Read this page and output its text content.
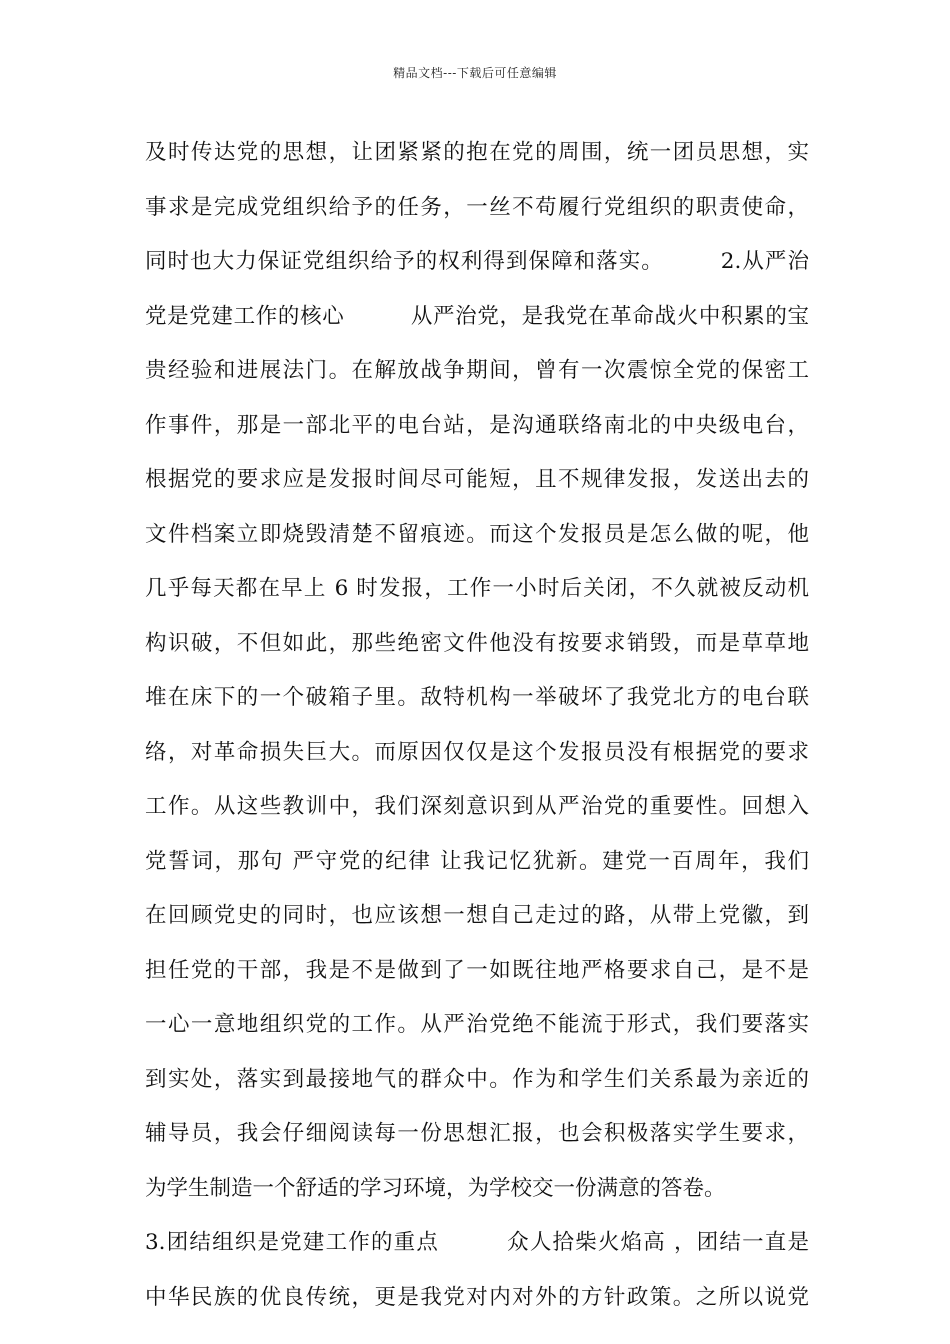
精品文档---下载后可任意编辑
及时传达党的思想，让团紧紧的抱在党的周围，统一团员思想，实
事求是完成党组织给予的任务，一丝不苟履行党组织的职责使命，
同时也大力保证党组织给予的权利得到保障和落实。　　　2.从严治
党是党建工作的核心　　　从严治党，是我党在革命战火中积累的宝
贵经验和进展法门。在解放战争期间，曾有一次震惊全党的保密工
作事件，那是一部北平的电台站，是沟通联络南北的中央级电台，
根据党的要求应是发报时间尽可能短，且不规律发报，发送出去的
文件档案立即烧毁清楚不留痕迹。而这个发报员是怎么做的呢，他
几乎每天都在早上 6 时发报，工作一小时后关闭，不久就被反动机
构识破，不但如此，那些绝密文件他没有按要求销毁，而是草草地
堆在床下的一个破箱子里。敌特机构一举破坏了我党北方的电台联
络，对革命损失巨大。而原因仅仅是这个发报员没有根据党的要求
工作。从这些教训中，我们深刻意识到从严治党的重要性。回想入
党誓词，那句 严守党的纪律 让我记忆犹新。建党一百周年，我们
在回顾党史的同时，也应该想一想自己走过的路，从带上党徽，到
担任党的干部，我是不是做到了一如既往地严格要求自己，是不是
一心一意地组织党的工作。从严治党绝不能流于形式，我们要落实
到实处，落实到最接地气的群众中。作为和学生们关系最为亲近的
辅导员，我会仔细阅读每一份思想汇报，也会积极落实学生要求，
为学生制造一个舒适的学习环境，为学校交一份满意的答卷。
3.团结组织是党建工作的重点　　　众人拾柴火焰高 ，团结一直是
中华民族的优良传统，更是我党对内对外的方针政策。之所以说党
